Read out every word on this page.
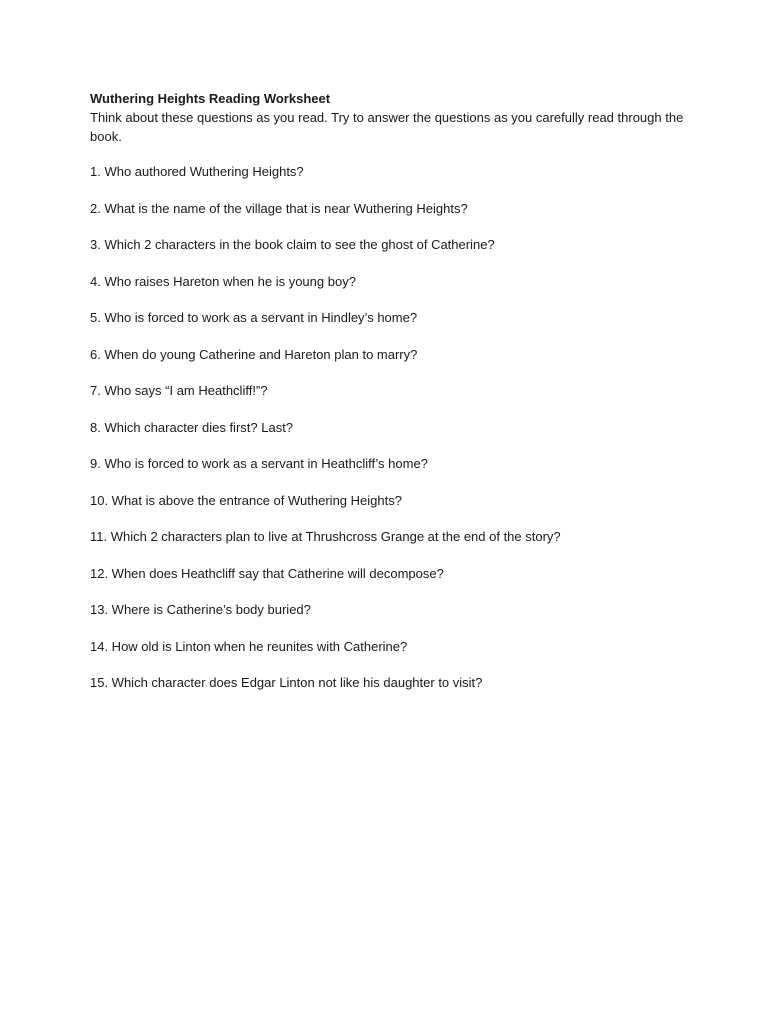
Wuthering Heights Reading Worksheet

Think about these questions as you read. Try to answer the questions as you carefully read through the book.

1. Who authored Wuthering Heights?
2. What is the name of the village that is near Wuthering Heights?
3. Which 2 characters in the book claim to see the ghost of Catherine?
4. Who raises Hareton when he is young boy?
5. Who is forced to work as a servant in Hindley’s home?
6. When do young Catherine and Hareton plan to marry?
7. Who says “I am Heathcliff!”?
8. Which character dies first? Last?
9. Who is forced to work as a servant in Heathcliff’s home?
10. What is above the entrance of Wuthering Heights?
11. Which 2 characters plan to live at Thrushcross Grange at the end of the story?
12. When does Heathcliff say that Catherine will decompose?
13. Where is Catherine’s body buried?
14. How old is Linton when he reunites with Catherine?
15. Which character does Edgar Linton not like his daughter to visit?
